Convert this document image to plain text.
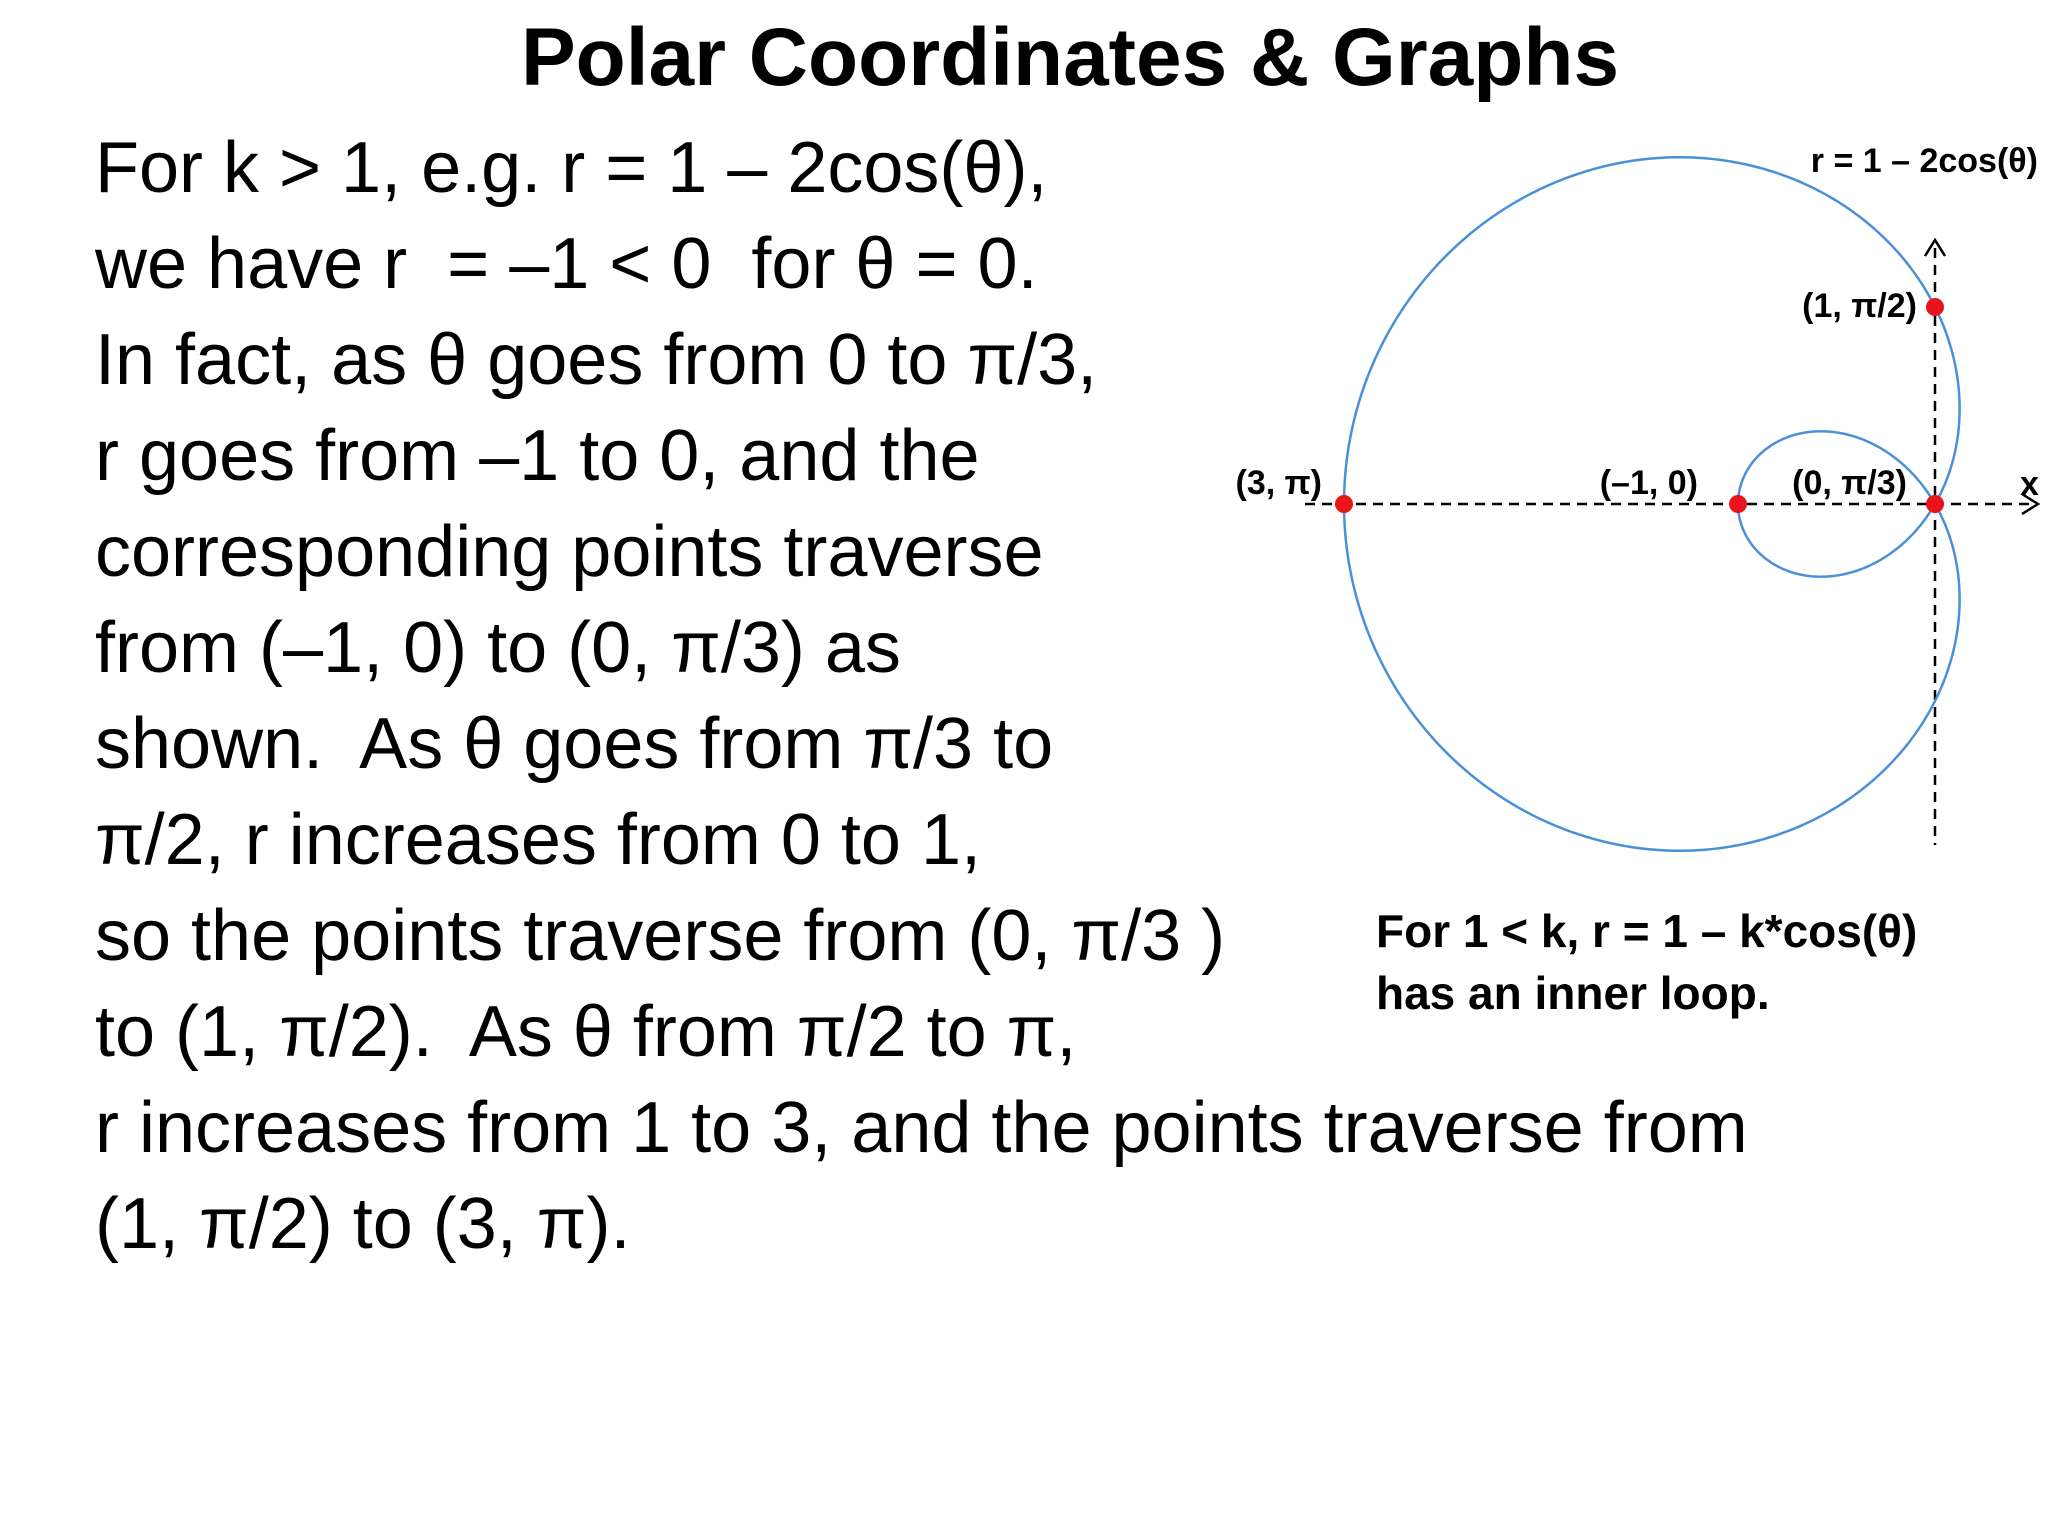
Polar Coordinates & Graphs
For k > 1, e.g. r = 1 – 2cos(θ),
we have r  = –1 < 0  for θ = 0.
In fact, as θ goes from 0 to π/3,
r goes from –1 to 0, and the
corresponding points traverse
from (–1, 0) to (0, π/3) as
shown.  As θ goes from π/3 to
π/2, r increases from 0 to 1,
so the points traverse from (0, π/3 )
to (1, π/2).  As θ from π/2 to π,
r increases from 1 to 3, and the points traverse from
(1, π/2) to (3, π).
For 1 < k, r = 1 – k*cos(θ)
has an inner loop.
r = 1 – 2cos(θ)
x
(3, π)	(–1, 0)	(0, π/3)
(1, π/2)
